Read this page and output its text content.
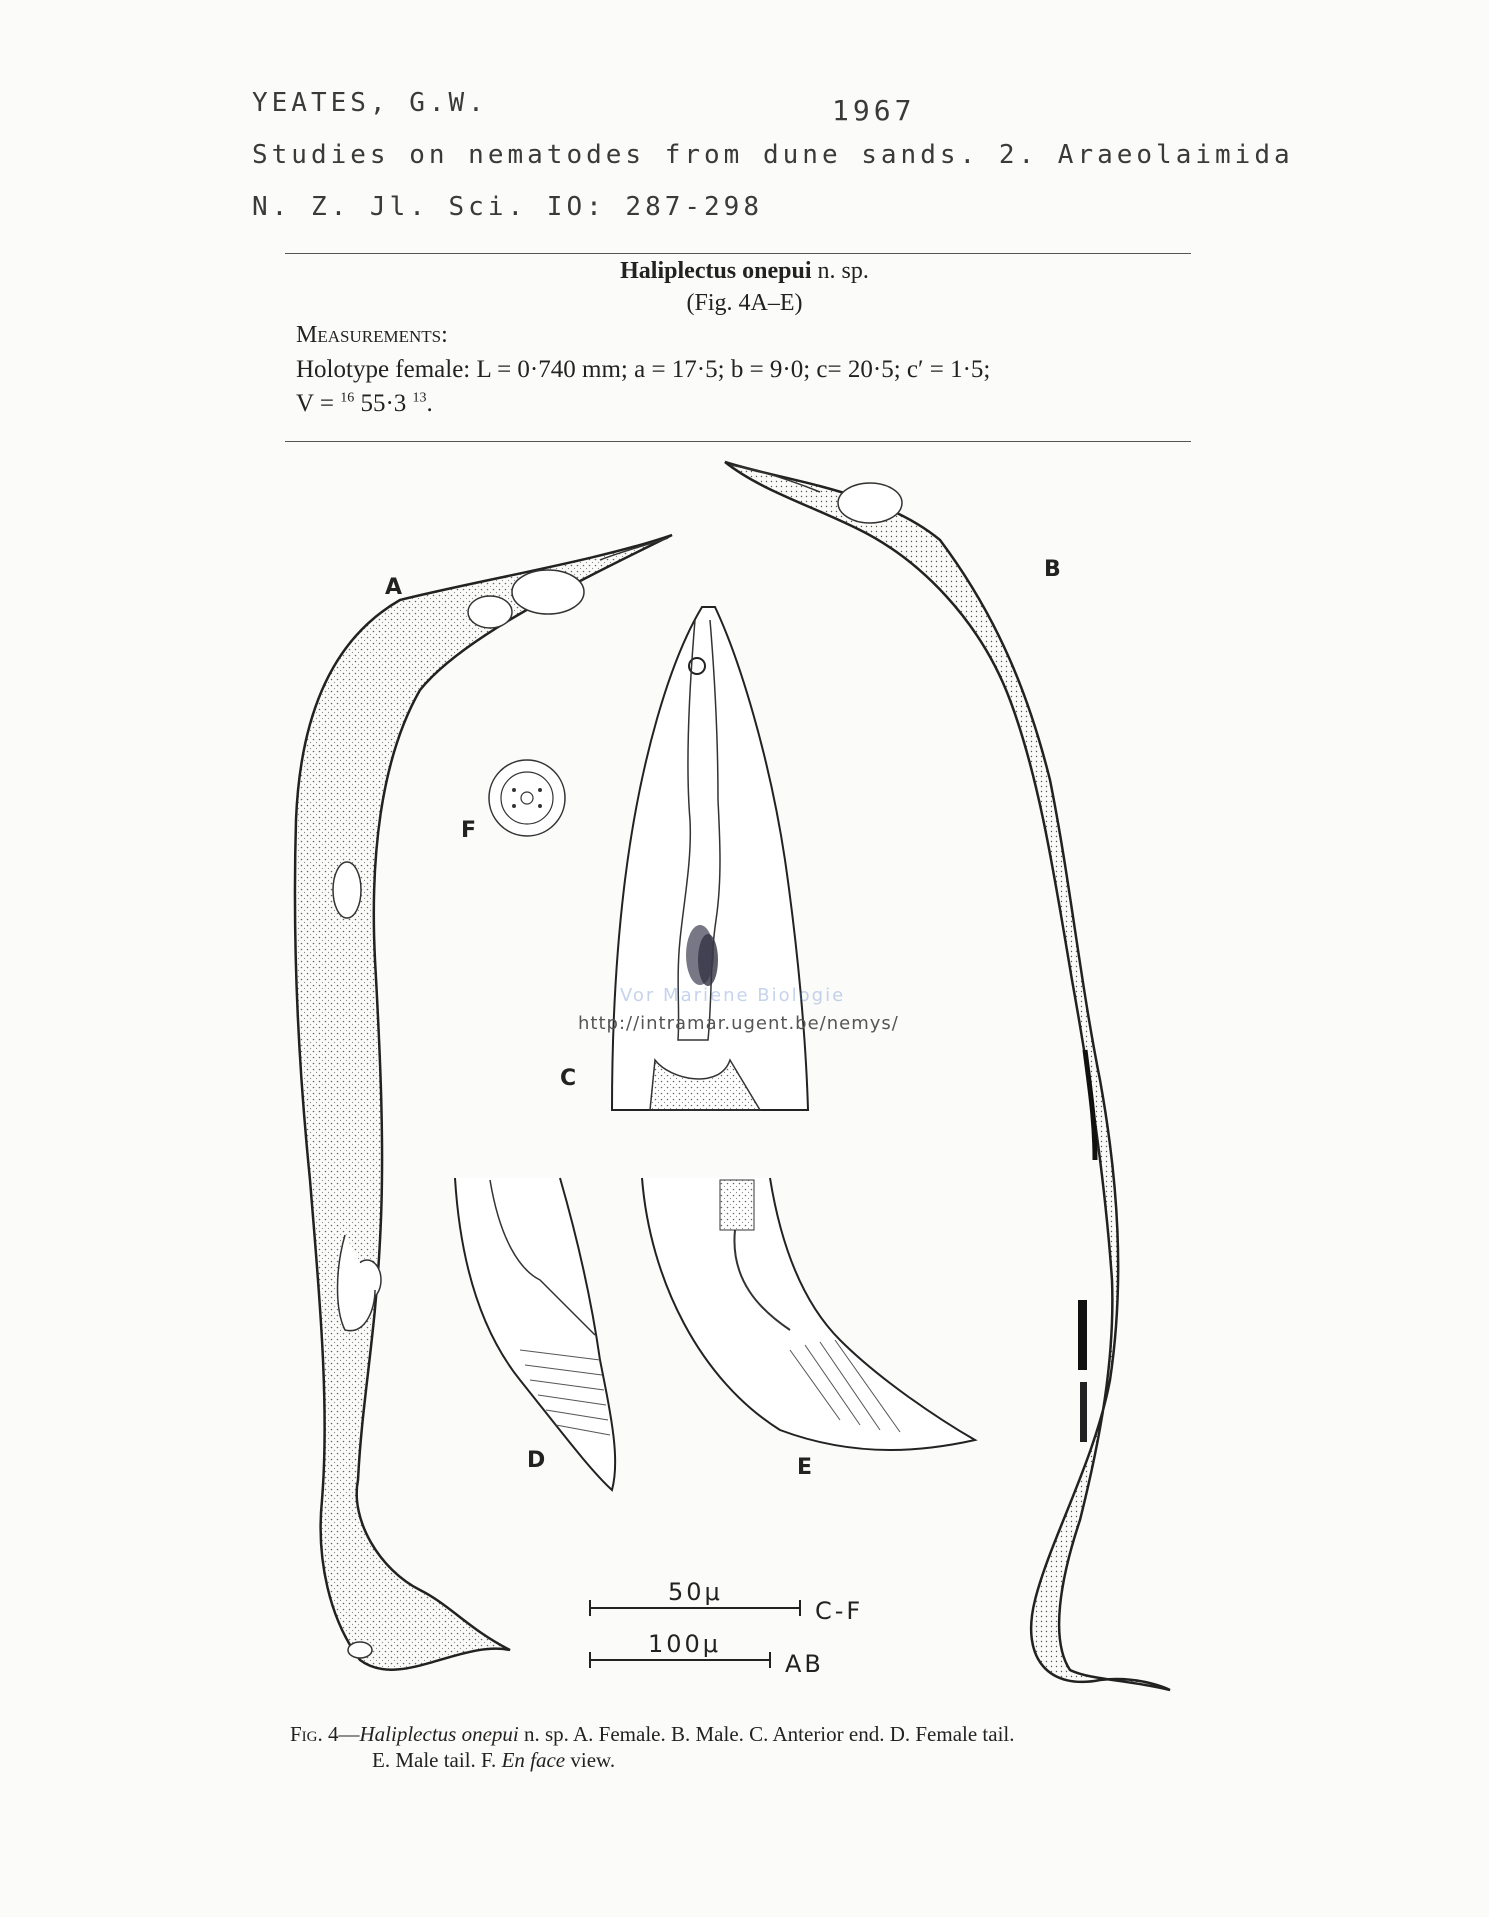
YEATES, G.W.	1967
Studies on nematodes from dune sands. 2. Araeolaimida
N. Z. Jl. Sci. IO: 287-298
Haliplectus onepui n. sp.
(Fig. 4A–E)
Measurements:
Holotype female: L = 0·740 mm; a = 17·5; b = 9·0; c= 20·5; c′ = 1·5;
V = $^{16}$ 55·3 $^{13}$.
A
B
C
D	E
F
50μ
C-F
100μ
AB
Vor Mariene Biologie
http://intramar.ugent.be/nemys/
Fig. 4—Haliplectus onepui n. sp. A. Female. B. Male. C. Anterior end. D. Female tail.
E. Male tail. F. En face view.
